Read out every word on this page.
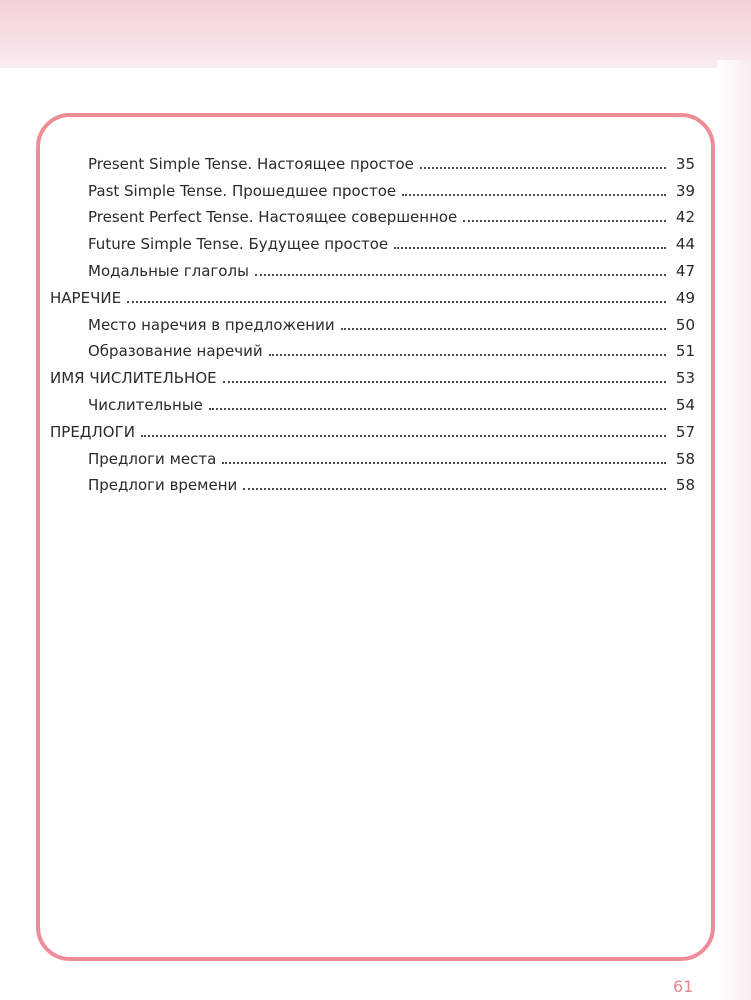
Present Simple Tense. Настоящее простое	35
Past Simple Tense. Прошедшее простое	39
Present Perfect Tense. Настоящее совершенное	42
Future Simple Tense. Будущее простое	44
Модальные глаголы	47
НАРЕЧИЕ	49
Место наречия в предложении	50
Образование наречий	51
ИМЯ ЧИСЛИТЕЛЬНОЕ	53
Числительные	54
ПРЕДЛОГИ	57
Предлоги места	58
Предлоги времени	58
61
